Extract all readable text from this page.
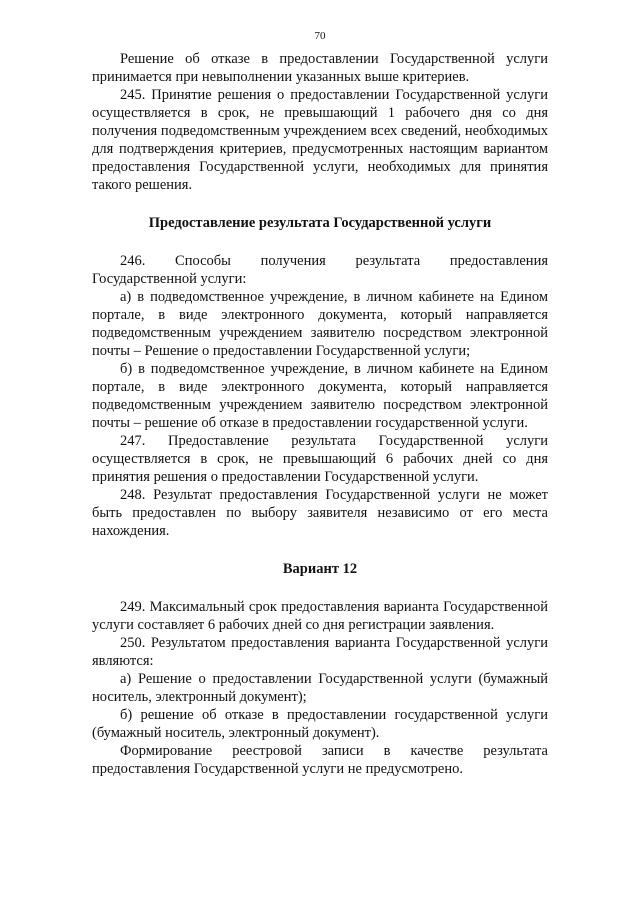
70

Решение об отказе в предоставлении Государственной услуги принимается при невыполнении указанных выше критериев.

245. Принятие решения о предоставлении Государственной услуги осуществляется в срок, не превышающий 1 рабочего дня со дня получения подведомственным учреждением всех сведений, необходимых для подтверждения критериев, предусмотренных настоящим вариантом предоставления Государственной услуги, необходимых для принятия такого решения.

Предоставление результата Государственной услуги

246. Способы получения результата предоставления Государственной услуги:

а) в подведомственное учреждение, в личном кабинете на Едином портале, в виде электронного документа, который направляется подведомственным учреждением заявителю посредством электронной почты – Решение о предоставлении Государственной услуги;

б) в подведомственное учреждение, в личном кабинете на Едином портале, в виде электронного документа, который направляется подведомственным учреждением заявителю посредством электронной почты – решение об отказе в предоставлении государственной услуги.

247. Предоставление результата Государственной услуги осуществляется в срок, не превышающий 6 рабочих дней со дня принятия решения о предоставлении Государственной услуги.

248. Результат предоставления Государственной услуги не может быть предоставлен по выбору заявителя независимо от его места нахождения.

Вариант 12

249. Максимальный срок предоставления варианта Государственной услуги составляет 6 рабочих дней со дня регистрации заявления.

250. Результатом предоставления варианта Государственной услуги являются:

а) Решение о предоставлении Государственной услуги (бумажный носитель, электронный документ);

б) решение об отказе в предоставлении государственной услуги (бумажный носитель, электронный документ).

Формирование реестровой записи в качестве результата предоставления Государственной услуги не предусмотрено.
